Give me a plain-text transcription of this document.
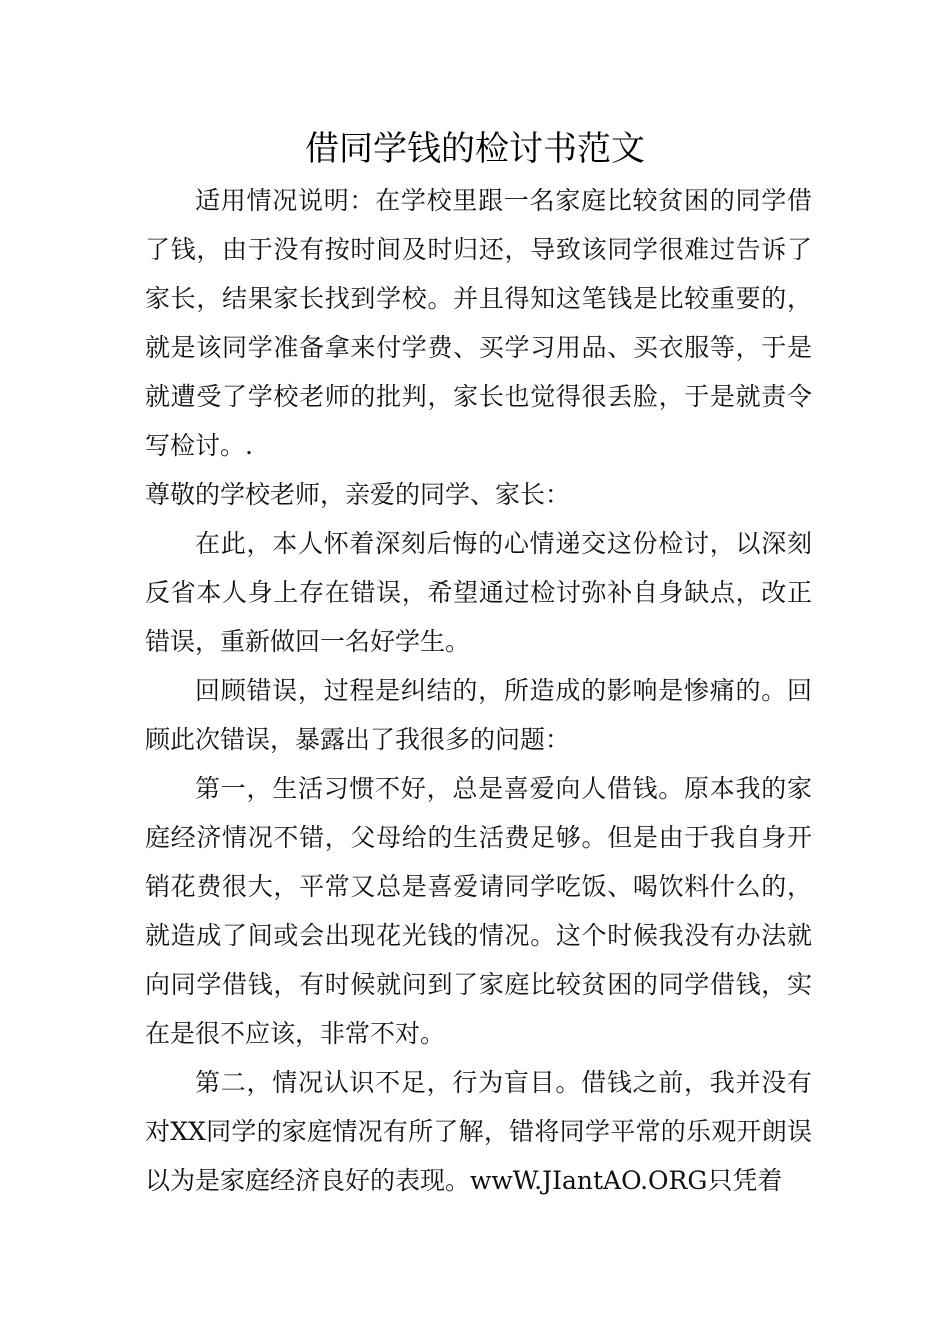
借同学钱的检讨书范文

适用情况说明：在学校里跟一名家庭比较贫困的同学借了钱，由于没有按时间及时归还，导致该同学很难过告诉了家长，结果家长找到学校。并且得知这笔钱是比较重要的，就是该同学准备拿来付学费、买学习用品、买衣服等，于是就遭受了学校老师的批判，家长也觉得很丢脸，于是就责令写检讨。.

尊敬的学校老师，亲爱的同学、家长：

在此，本人怀着深刻后悔的心情递交这份检讨，以深刻反省本人身上存在错误，希望通过检讨弥补自身缺点，改正错误，重新做回一名好学生。

回顾错误，过程是纠结的，所造成的影响是惨痛的。回顾此次错误，暴露出了我很多的问题：

第一，生活习惯不好，总是喜爱向人借钱。原本我的家庭经济情况不错，父母给的生活费足够。但是由于我自身开销花费很大，平常又总是喜爱请同学吃饭、喝饮料什么的，就造成了间或会出现花光钱的情况。这个时候我没有办法就向同学借钱，有时候就问到了家庭比较贫困的同学借钱，实在是很不应该，非常不对。

第二，情况认识不足，行为盲目。借钱之前，我并没有对XX同学的家庭情况有所了解，错将同学平常的乐观开朗误以为是家庭经济良好的表现。wwW.JIantAO.ORG只凭着
